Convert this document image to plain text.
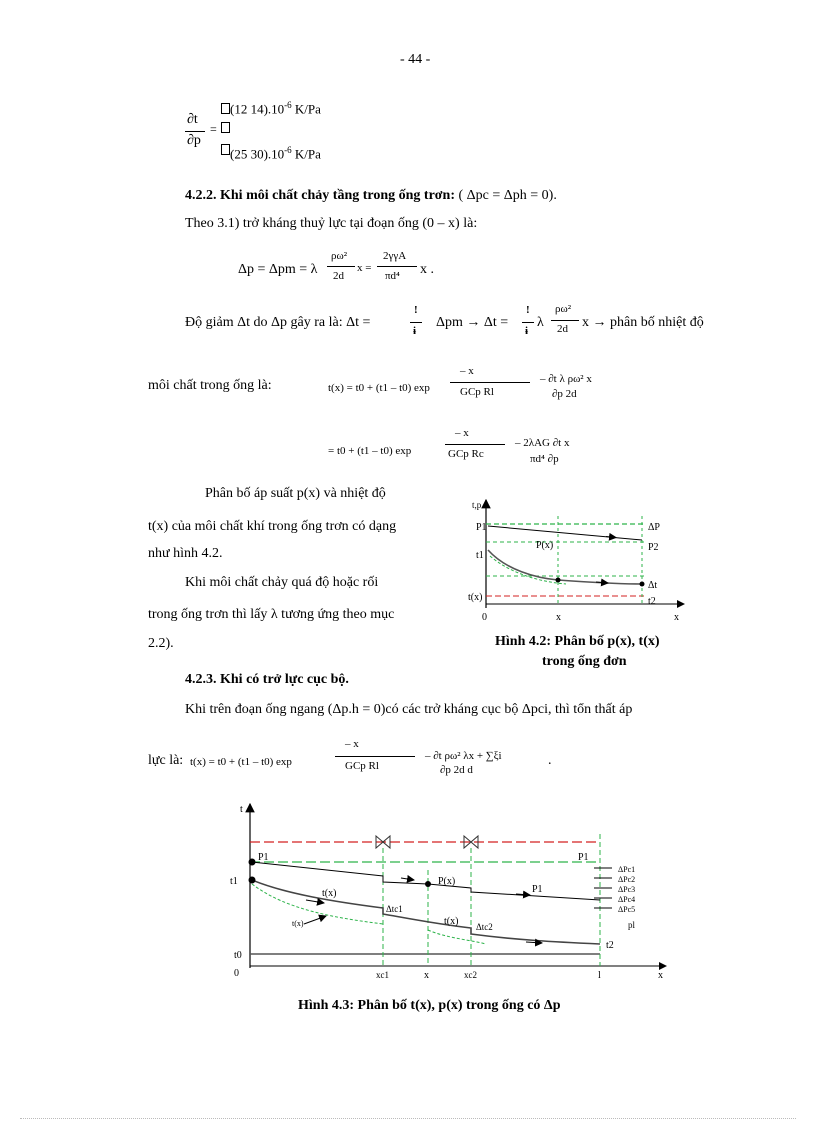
- 44 -
∂t
∂p
=
(12 $14).10^{-6}$ K/Pa
(25 $30).10^{-6}$ K/Pa
4.2.2. Khi môi chất chảy tầng trong ống trơn: ( Δpc = Δph = 0).
Theo 3.1) trở kháng thuỷ lực tại đoạn ống (0 – x) là:
Δp = Δpm = λ
ρω²
2d
x =
2γγA
πd⁴ x .
Độ giảm Δt do Δp gây ra là: Δt =
!
ɨ
Δpm → Δt =
!
ɨ
λ
ρω²
2d x → phân bố nhiệt độ
môi chất trong ống là:	t(x) = t0 + (t1 – t0) exp
– x
GCp Rl
– ∂t λ ρω² x
∂p 2d
= t0 + (t1 – t0) exp
– x
GCp Rc
– 2λAG ∂t x
πd⁴ ∂p
Phân bố áp suất p(x) và nhiệt độ
t(x) của môi chất khí trong ống trơn có dạng
như hình 4.2.
Khi môi chất chảy quá độ hoặc rối
trong ống trơn thì lấy λ tương ứng theo mục
2.2).
t,p
P1
t1
P(x)
t(x)
0	x	x
ΔP
P2
Δt
t2
Hình 4.2: Phân bố p(x), t(x)
trong ống đơn
4.2.3. Khi có trở lực cục bộ.
Khi trên đoạn ống ngang (Δp.h = 0)có các trở kháng cục bộ Δpci, thì tổn thất áp
lực là: t(x) = t0 + (t1 – t0) exp
– x
GCp Rl
– ∂t ρω² λx + ∑ξi
∂p 2d d
.
t
P1	P1
t1
t(x)
P(x)
P1
t(x)
Δtc1
t(x) Δtc2
t2
t0
0	xc1	x	xc2	l	x
ΔPc1
ΔPc2
ΔPc3
ΔPc4
ΔPc5
pl
Hình 4.3: Phân bố t(x), p(x) trong ống có Δp
